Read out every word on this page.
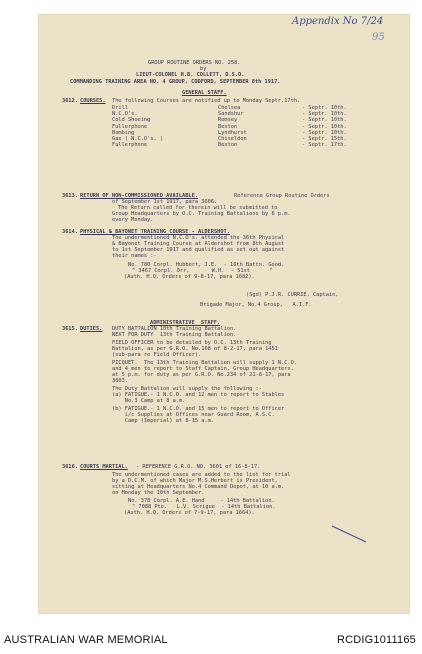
Appendix No 7/24
95
GROUP ROUTINE ORDERS NO. 258.
by
LIEUT-COLONEL H.B. COLLETT, D.S.O.
COMMANDING TRAINING AREA NO. 4 GROUP, CODFORD, SEPTEMBER 8th 1917.
GENERAL STAFF.
3612. COURSES. The following Courses are notified up to Monday Septr.17th.
Drill	Chelsea	- Septr. 10th.
N.C.O's.	Sandshur	- Septr. 10th.
Cold Shoeing	Romsey	- Septr. 10th.
Fullerphone	Bexton	- Septr. 10th.
Bombing	Lyndhurst	- Septr. 10th.
Gas ( N.C.O's. )	Chiseldon	- Septr. 15th.
Fullerphone	Bexton	- Septr. 17th.
3613. RETURN OF NON-COMMISSIONED AVAILABLE.	Reference Group Routine Orders
of September 1st 1917, para 3606.
The Return called for therein will be submitted to
Group Headquarters by O.C. Training Battalions by 6 p.m.
every Monday.
3614. PHYSICAL & BAYONET TRAINING COURSE - ALDERSHOT.
The undermentioned N.C.O's. attended the 36th Physical
& Bayonet Training Course at Aldershot from 8th August
to 1st September 1917 and qualified as set out against
their names :-
No. 780 Corpl. Hubbert, J.E.  - 16th Battn. Good.
" 3467 Corpl. Orr,       W.H.  - 51st      "
(Auth. H.Q. Orders of 9-8-17, para 1682).
(Sgd) P.J.R. CURRIE, Captain,
Brigade Major, No.4 Group,   A.I.F.
ADMINISTRATIVE  STAFF.
3615. DUTIES. DUTY BATTALION 10th Training Battalion.
NEXT FOR DUTY  13th Training Battalion.
FIELD OFFICER to be detailed by O.C. 13th Training
Battalion, as per G.R.O. No.168 of 8-2-17, para 1451
(sub-para re Field Officer).
PICQUET.  The 13th Training Battalion will supply 1 N.C.O.
and 4 men to report to Staff Captain, Group Headquarters,
at 5 p.m. for duty as per G.R.O. No.234 of 21-8-17, para
3603.
The Duty Battalion will supply the following :-
(a) FATIGUE.- 1 N.C.O. and 12 men to report to Stables
No.3 Camp at 8 a.m.
(b) FATIGUE.- 1 N.C.O. and 15 men to report to Officer
i/c Supplies at Offices near Guard Room, A.S.C.
Camp (Imperial) at 8-15 a.m.
3616. COURTS MARTIAL. - REFERENCE G.R.O. NO. 3601 of 16-8-17.
The undermentioned cases are added to the list for trial
by a D.C.M. of which Major M.S.Herbert is President,
sitting at Headquarters No.4 Command Depot, at 10 a.m.
on Monday the 10th September.
No. 378 Corpl. A.E. Hand     - 14th Battalion.
" 7088 Pte.   L.V. Scrigue  - 14th Battalion.
(Auth. H.Q. Orders of 7-9-17, para 1664).
AUSTRALIAN WAR MEMORIAL	RCDIG1011165
